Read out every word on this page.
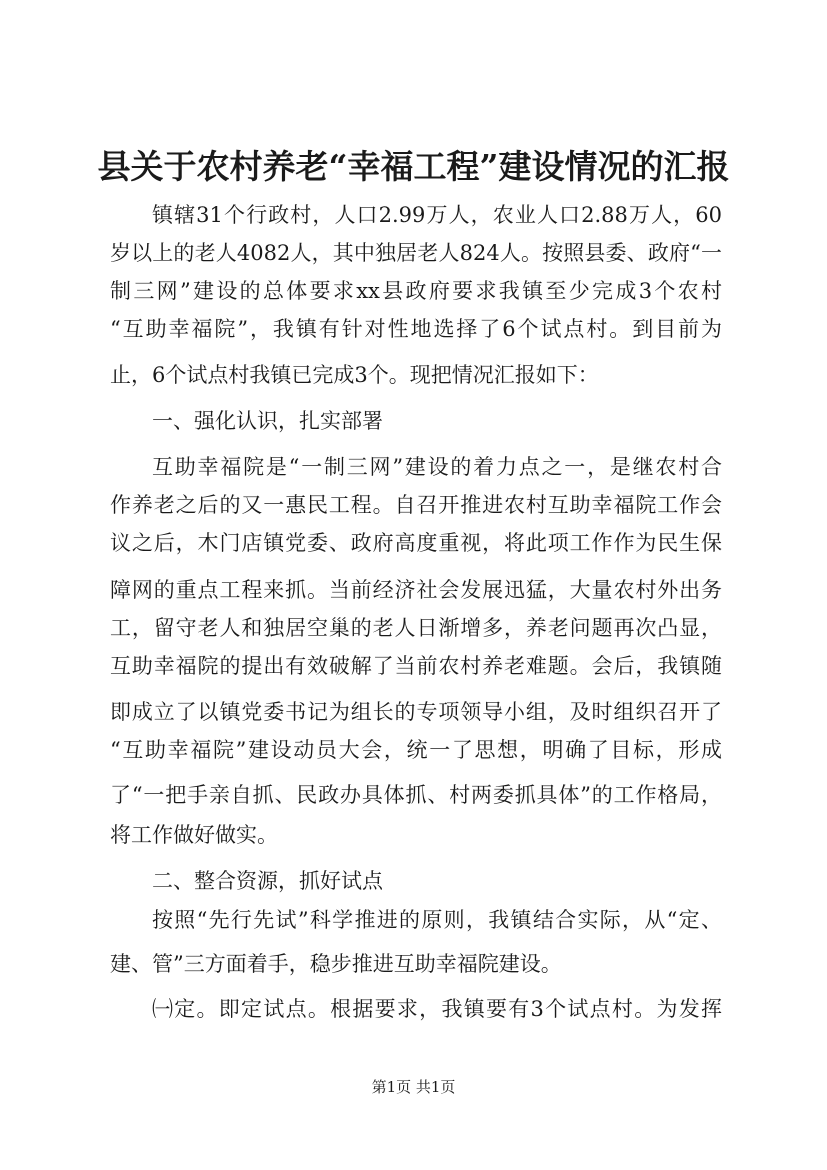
县关于农村养老“幸福工程”建设情况的汇报
镇辖31个行政村，人口2.99万人，农业人口2.88万人，60
岁以上的老人4082人，其中独居老人824人。按照县委、政府“一
制三网”建设的总体要求xx县政府要求我镇至少完成3个农村
“互助幸福院”，我镇有针对性地选择了6个试点村。到目前为
止，6个试点村我镇已完成3个。现把情况汇报如下：
一、强化认识，扎实部署
互助幸福院是“一制三网”建设的着力点之一，是继农村合
作养老之后的又一惠民工程。自召开推进农村互助幸福院工作会
议之后，木门店镇党委、政府高度重视，将此项工作作为民生保
障网的重点工程来抓。当前经济社会发展迅猛，大量农村外出务
工，留守老人和独居空巢的老人日渐增多，养老问题再次凸显，
互助幸福院的提出有效破解了当前农村养老难题。会后，我镇随
即成立了以镇党委书记为组长的专项领导小组，及时组织召开了
“互助幸福院”建设动员大会，统一了思想，明确了目标，形成
了“一把手亲自抓、民政办具体抓、村两委抓具体”的工作格局，
将工作做好做实。
二、整合资源，抓好试点
按照“先行先试”科学推进的原则，我镇结合实际，从“定、
建、管”三方面着手，稳步推进互助幸福院建设。
㈠定。即定试点。根据要求，我镇要有3个试点村。为发挥
第1页 共1页
